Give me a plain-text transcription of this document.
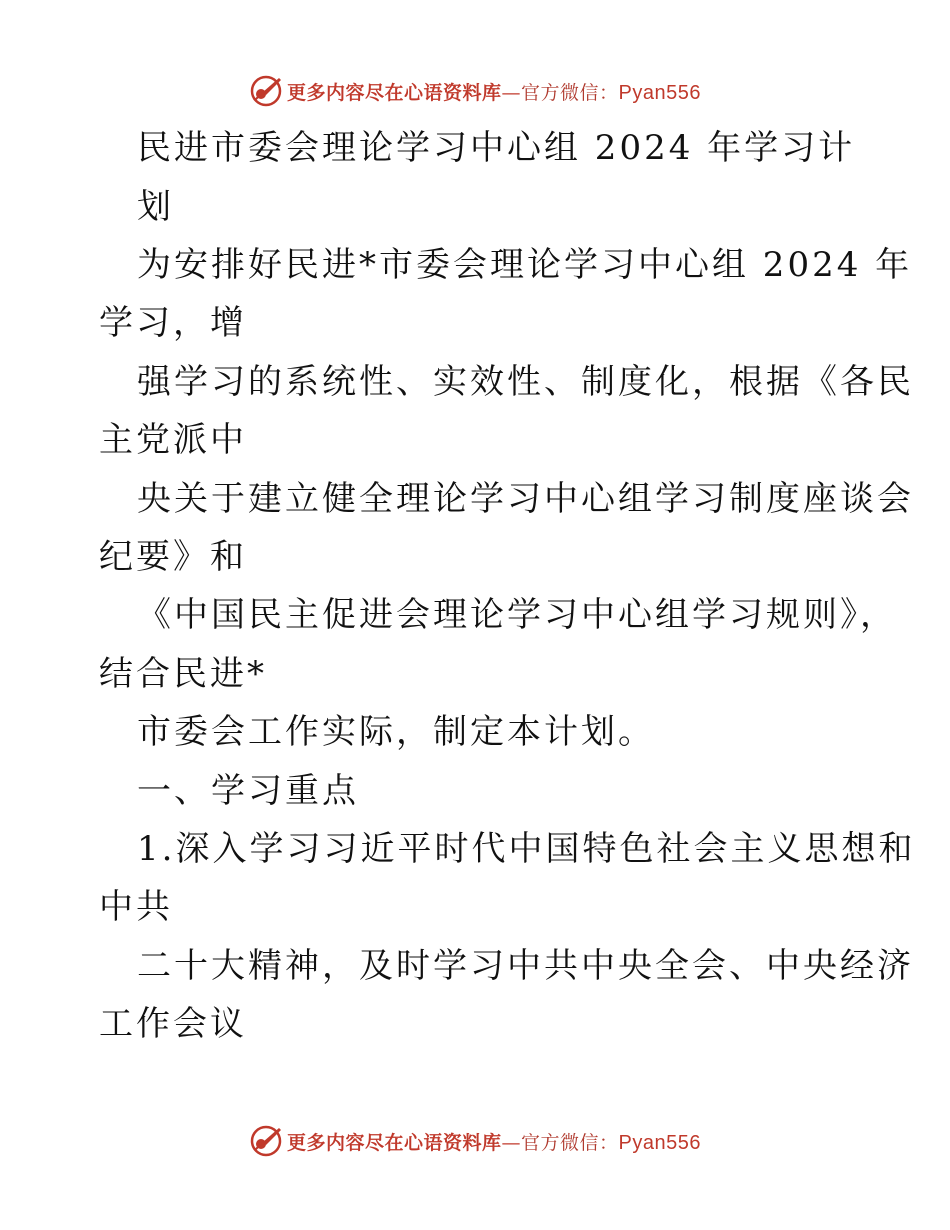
更多内容尽在心语资料库—官方微信：Pyan556
民进市委会理论学习中心组 2024 年学习计
划
为安排好民进*市委会理论学习中心组 2024 年
学习，增
强学习的系统性、实效性、制度化，根据《各民
主党派中
央关于建立健全理论学习中心组学习制度座谈会
纪要》和
《中国民主促进会理论学习中心组学习规则》，
结合民进*
市委会工作实际，制定本计划。
一、学习重点
1.深入学习习近平时代中国特色社会主义思想和
中共
二十大精神，及时学习中共中央全会、中央经济
工作会议
更多内容尽在心语资料库—官方微信：Pyan556
